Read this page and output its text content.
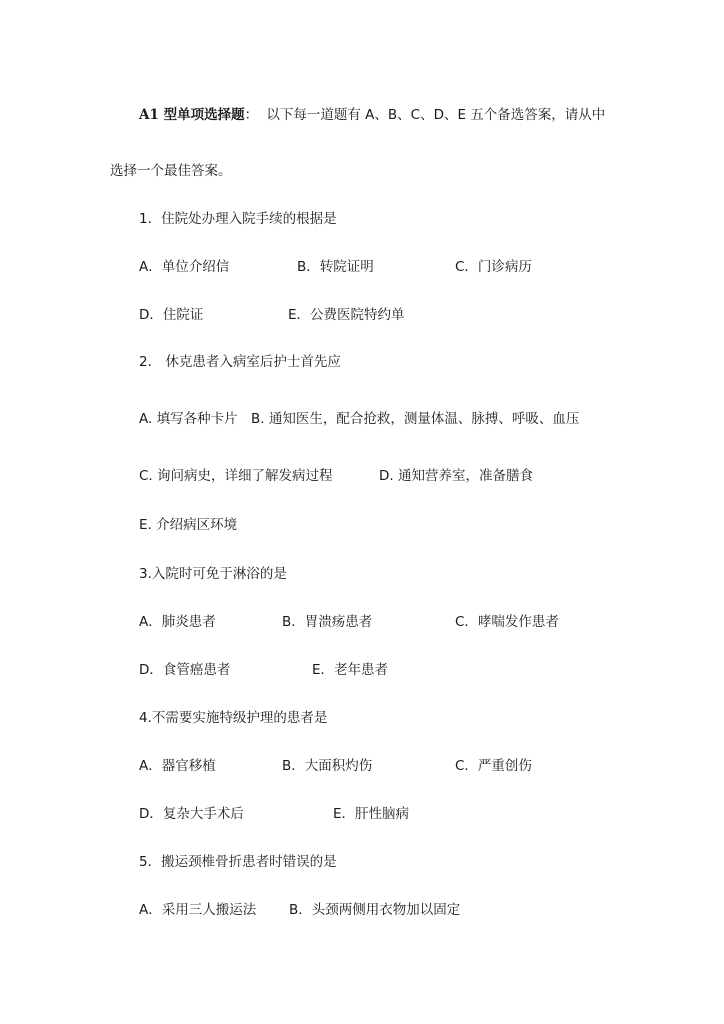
A1 型单项选择题： 以下每一道题有 A、B、C、D、E 五个备选答案，请从中
选择一个最佳答案。
1．住院处办理入院手续的根据是
A．单位介绍信	B．转院证明	C．门诊病历
D．住院证	E．公费医院特约单
2． 休克患者入病室后护士首先应
A. 填写各种卡片 B. 通知医生，配合抢救，测量体温、脉搏、呼吸、血压
C. 询问病史，详细了解发病过程	D. 通知营养室，准备膳食
E. 介绍病区环境
3.入院时可免于淋浴的是
A．肺炎患者	B．胃溃疡患者	C．哮喘发作患者
D．食管癌患者	E．老年患者
4.不需要实施特级护理的患者是
A．器官移植	B．大面积灼伤	C．严重创伤
D．复杂大手术后	E．肝性脑病
5．搬运颈椎骨折患者时错误的是
A．采用三人搬运法 B．头颈两侧用衣物加以固定
